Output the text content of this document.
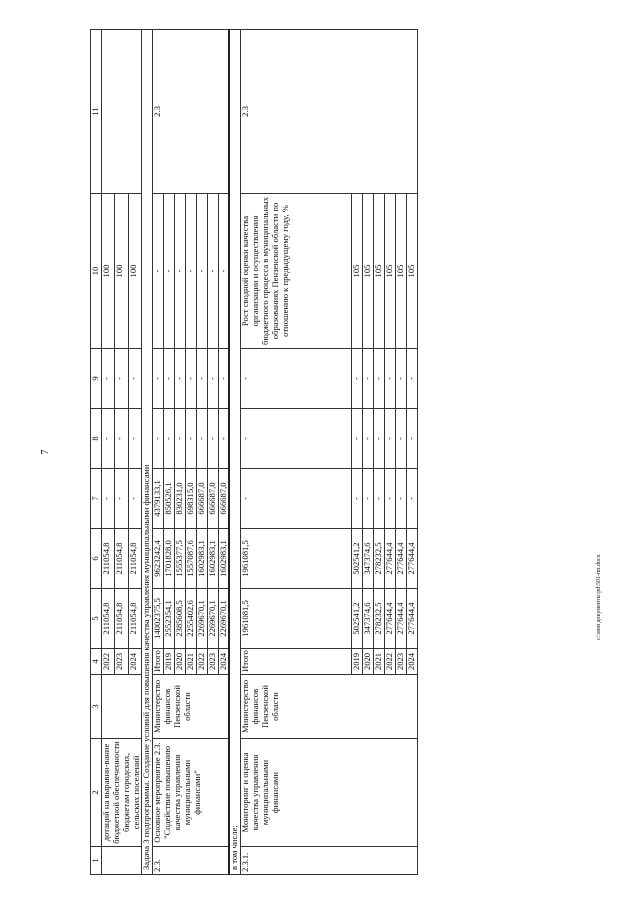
7
1	2	3	4	5	6	7	8	9	10	11
	дотаций на выравни-вание бюджетной обеспеченности бюджетам городских, сельских поселений		2022	211054,8	211054,8	-	-	-	100	
			2023	211054,8	211054,8	-	-	-	100	
			2024	211054,8	211054,8	-	-	-	100	
Задача 3 подпрограммы. Создание условий для повышения качества управления муниципальными финансами										
2.3.	Основное мероприятие 2.3. "Содействие повышению качества управления муниципальными финансами"	Министерство финансов Пензенской области	Итого	14002375,5	9623242,4	4379133,1	-	-	-	2.3
			2019	2552354,1	1701828,0	850526,1	-	-	-	
			2020	2385608,5	1555377,5	830231,0	-	-	-	
			2021	2255402,6	1557087,6	698315,0	-	-	-	
			2022	2269670,1	1602983,1	666687,0	-	-	-	
			2023	2269670,1	1602983,1	666687,0	-	-	-	
			2024	2269670,1	1602983,1	666687,0	-	-	-	
в том числе:										
2.3.1.	Мониторинг и оценка качества управления муниципальными финансами	Министерство финансов Пензенской области	Итого	1961081,5	1961081,5	-	-	-	Рост сводной оценки качества организации и осуществления бюджетного процесса в муниципальных образованиях Пензенской области по отношению к предыдущему году, %	2.3
			2019	502541,2	502541,2	-	-	-	105	
			2020	347374,6	347374,6	-	-	-	105	
			2021	278232,5	278232,5	-	-	-	105	
			2022	277644,4	277644,4	-	-	-	105	
			2023	277644,4	277644,4	-	-	-	105	
			2024	277644,4	277644,4	-	-	-	105	
c:\мои документы\pd\501-пп.docx
